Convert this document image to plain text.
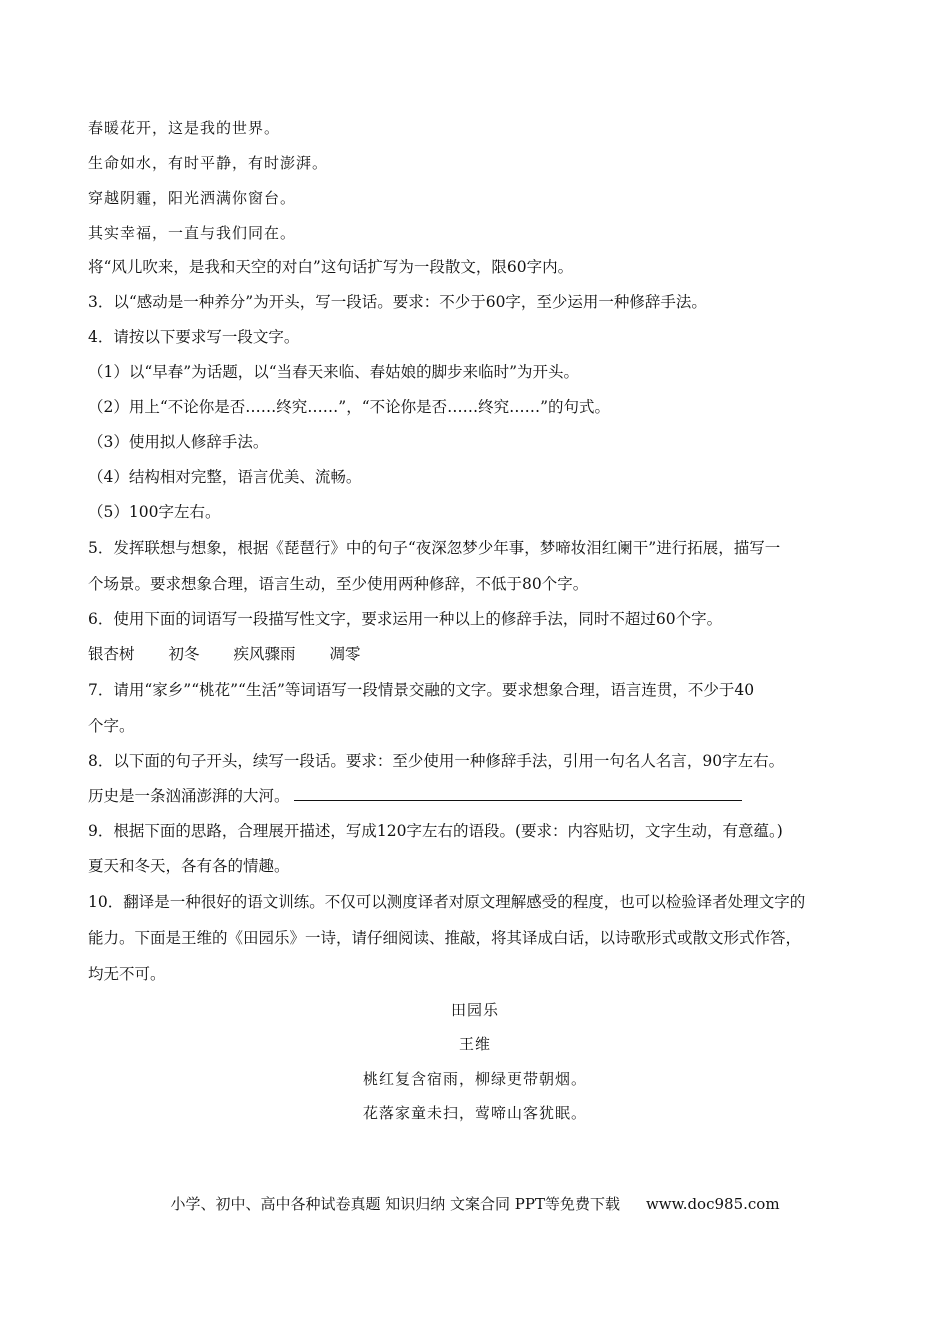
春暖花开，这是我的世界。
生命如水，有时平静，有时澎湃。
穿越阴霾，阳光洒满你窗台。
其实幸福，一直与我们同在。
将“风儿吹来，是我和天空的对白”这句话扩写为一段散文，限60字内。
3．以“感动是一种养分”为开头，写一段话。要求：不少于60字，至少运用一种修辞手法。
4．请按以下要求写一段文字。
（1）以“早春”为话题，以“当春天来临、春姑娘的脚步来临时”为开头。
（2）用上“不论你是否……终究……”，“不论你是否……终究……”的句式。
（3）使用拟人修辞手法。
（4）结构相对完整，语言优美、流畅。
（5）100字左右。
5．发挥联想与想象，根据《琵琶行》中的句子“夜深忽梦少年事，梦啼妆泪红阑干”进行拓展，描写一
个场景。要求想象合理，语言生动，至少使用两种修辞，不低于80个字。
6．使用下面的词语写一段描写性文字，要求运用一种以上的修辞手法，同时不超过60个字。
银杏树 初冬 疾风骤雨 凋零
7．请用“家乡”“桃花”“生活”等词语写一段情景交融的文字。要求想象合理，语言连贯，不少于40
个字。
8．以下面的句子开头，续写一段话。要求：至少使用一种修辞手法，引用一句名人名言，90字左右。
历史是一条汹涌澎湃的大河。
9．根据下面的思路，合理展开描述，写成120字左右的语段。(要求：内容贴切，文字生动，有意蕴。)
夏天和冬天，各有各的情趣。
10．翻译是一种很好的语文训练。不仅可以测度译者对原文理解感受的程度，也可以检验译者处理文字的
能力。下面是王维的《田园乐》一诗，请仔细阅读、推敲，将其译成白话，以诗歌形式或散文形式作答，
均无不可。
田园乐
王维
桃红复含宿雨，柳绿更带朝烟。
花落家童未扫，莺啼山客犹眠。
小学、初中、高中各种试卷真题 知识归纳 文案合同 PPT等免费下载 www.doc985.com
